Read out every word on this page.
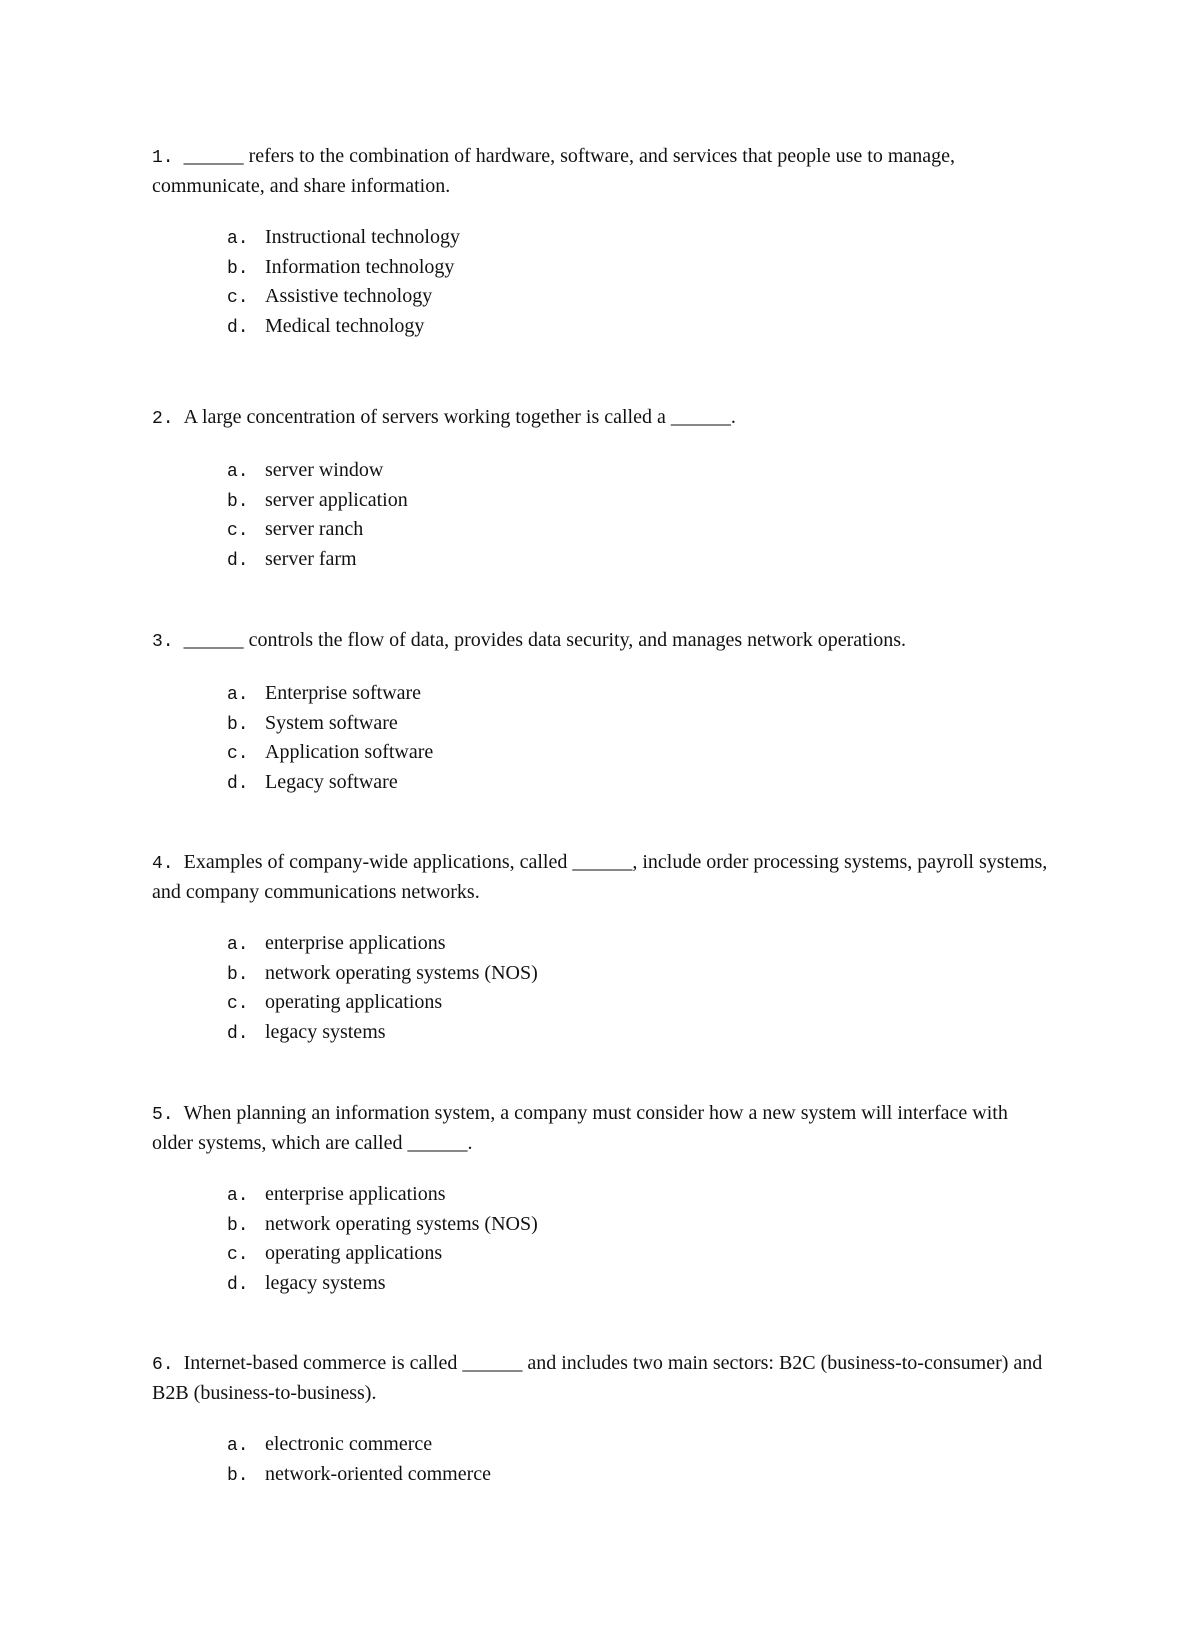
1. ______ refers to the combination of hardware, software, and services that people use to manage, communicate, and share information.
a. Instructional technology
b. Information technology
c. Assistive technology
d. Medical technology
2. A large concentration of servers working together is called a ______.
a. server window
b. server application
c. server ranch
d. server farm
3. ______ controls the flow of data, provides data security, and manages network operations.
a. Enterprise software
b. System software
c. Application software
d. Legacy software
4. Examples of company-wide applications, called ______, include order processing systems, payroll systems, and company communications networks.
a. enterprise applications
b. network operating systems (NOS)
c. operating applications
d. legacy systems
5. When planning an information system, a company must consider how a new system will interface with older systems, which are called ______.
a. enterprise applications
b. network operating systems (NOS)
c. operating applications
d. legacy systems
6. Internet-based commerce is called ______ and includes two main sectors: B2C (business-to-consumer) and B2B (business-to-business).
a. electronic commerce
b. network-oriented commerce
